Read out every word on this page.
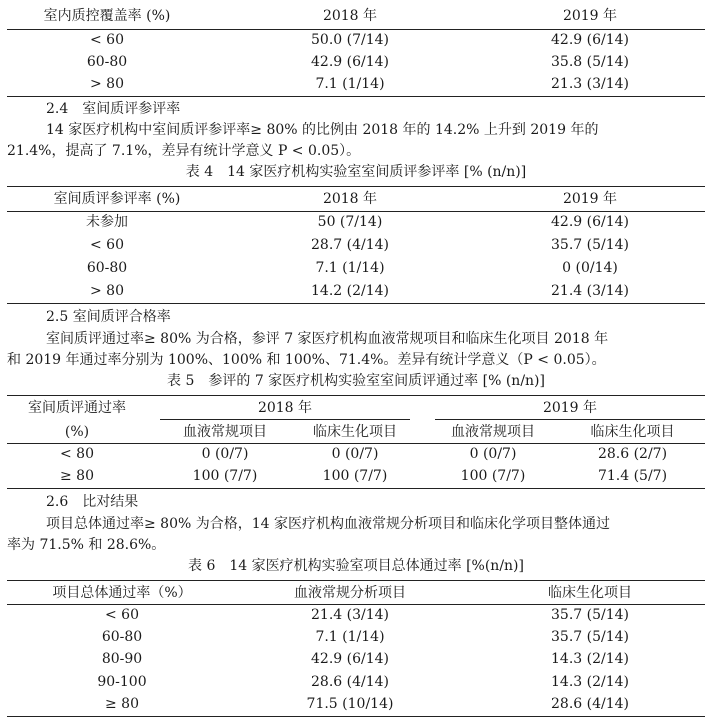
室内质控覆盖率 (%)	2018 年	2019 年
< 60	50.0 (7/14)	42.9 (6/14)
60-80	42.9 (6/14)	35.8 (5/14)
> 80	7.1 (1/14)	21.3 (3/14)
2.4　室间质评参评率
14 家医疗机构中室间质评参评率≥ 80% 的比例由 2018 年的 14.2% 上升到 2019 年的
21.4%，提高了 7.1%，差异有统计学意义 P < 0.05）。
表 4　14 家医疗机构实验室室间质评参评率 [% (n/n)]
室间质评参评率 (%)	2018 年	2019 年
未参加	50 (7/14)	42.9 (6/14)
< 60	28.7 (4/14)	35.7 (5/14)
60-80	7.1 (1/14)	0 (0/14)
> 80	14.2 (2/14)	21.4 (3/14)
2.5 室间质评合格率
室间质评通过率≥ 80% 为合格，参评 7 家医疗机构血液常规项目和临床生化项目 2018 年
和 2019 年通过率分别为 100%、100% 和 100%、71.4%。差异有统计学意义（P < 0.05）。
表 5　参评的 7 家医疗机构实验室室间质评通过率 [% (n/n)]
室间质评通过率
(%)
2018 年	2019 年
血液常规项目	临床生化项目	血液常规项目	临床生化项目
< 80	0 (0/7)	0 (0/7)	0 (0/7)	28.6 (2/7)
≥ 80	100 (7/7)	100 (7/7)	100 (7/7)	71.4 (5/7)
2.6　比对结果
项目总体通过率≥ 80% 为合格，14 家医疗机构血液常规分析项目和临床化学项目整体通过
率为 71.5% 和 28.6%。
表 6　14 家医疗机构实验室项目总体通过率 [%(n/n)]
项目总体通过率（%）	血液常规分析项目	临床生化项目
< 60	21.4 (3/14)	35.7 (5/14)
60-80	7.1 (1/14)	35.7 (5/14)
80-90	42.9 (6/14)	14.3 (2/14)
90-100	28.6 (4/14)	14.3 (2/14)
≥ 80	71.5 (10/14)	28.6 (4/14)
